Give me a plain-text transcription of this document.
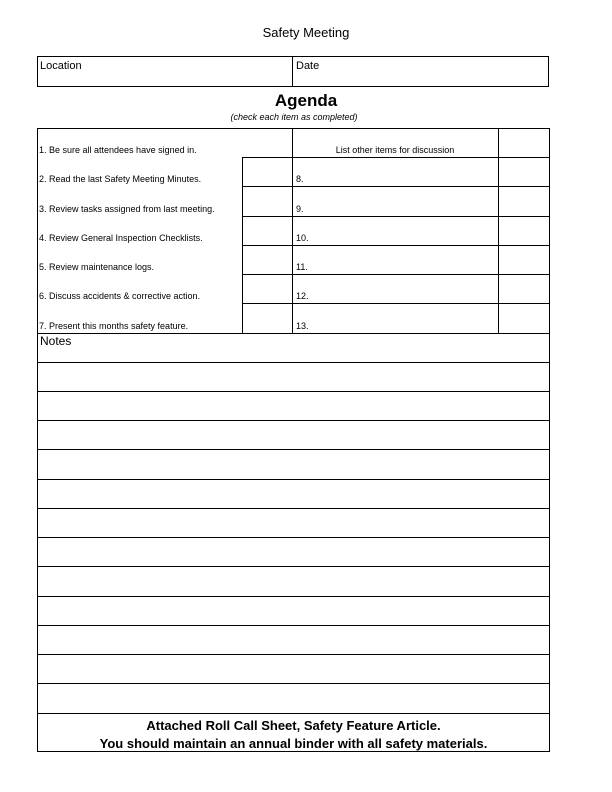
Safety Meeting
Location	Date
Agenda
(check each item as completed)
1. Be sure all attendees have signed in.
2. Read the last Safety Meeting Minutes.
3. Review tasks assigned from last meeting.
4. Review General Inspection Checklists.
5. Review maintenance logs.
6. Discuss accidents & corrective action.
7. Present this months safety feature.
List other items for discussion
8.
9.
10.
11.
12.
13.
Notes
Attached Roll Call Sheet, Safety Feature Article.
You should maintain an annual binder with all safety materials.
